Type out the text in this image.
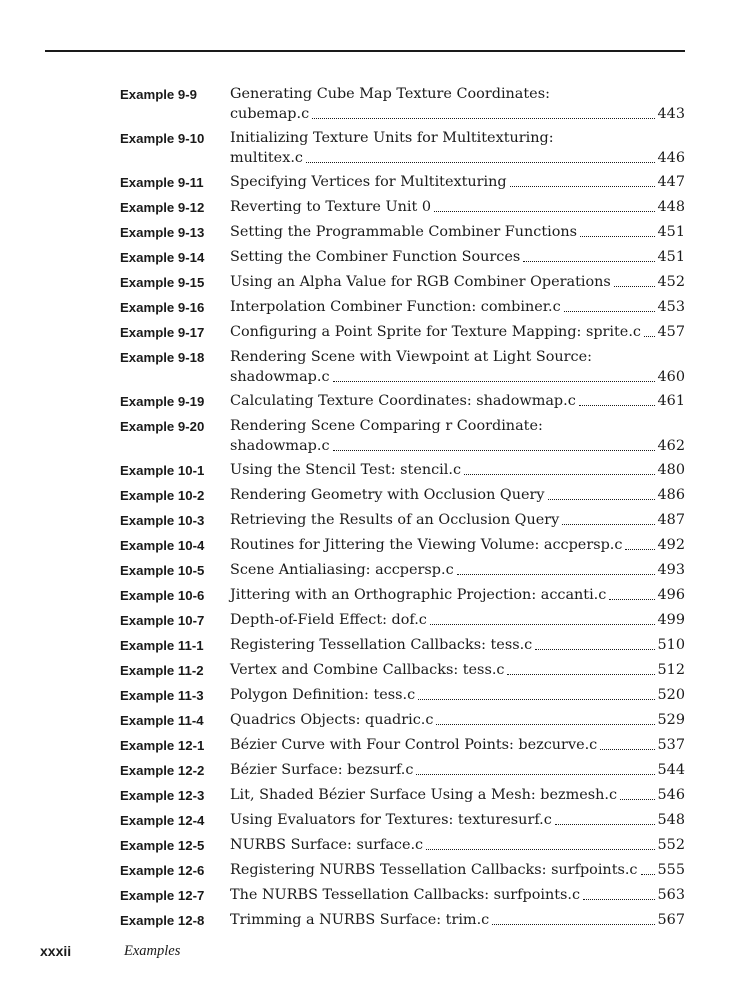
Example 9-9	Generating Cube Map Texture Coordinates:
cubemap.c	443
Example 9-10	Initializing Texture Units for Multitexturing:
multitex.c	446
Example 9-11	Specifying Vertices for Multitexturing	447
Example 9-12	Reverting to Texture Unit 0	448
Example 9-13	Setting the Programmable Combiner Functions	451
Example 9-14	Setting the Combiner Function Sources	451
Example 9-15	Using an Alpha Value for RGB Combiner Operations	452
Example 9-16	Interpolation Combiner Function: combiner.c	453
Example 9-17	Configuring a Point Sprite for Texture Mapping: sprite.c 457
Example 9-18	Rendering Scene with Viewpoint at Light Source:
shadowmap.c	460
Example 9-19	Calculating Texture Coordinates: shadowmap.c	461
Example 9-20	Rendering Scene Comparing r Coordinate:
shadowmap.c	462
Example 10-1	Using the Stencil Test: stencil.c	480
Example 10-2	Rendering Geometry with Occlusion Query	486
Example 10-3	Retrieving the Results of an Occlusion Query	487
Example 10-4	Routines for Jittering the Viewing Volume: accpersp.c 492
Example 10-5	Scene Antialiasing: accpersp.c	493
Example 10-6	Jittering with an Orthographic Projection: accanti.c	496
Example 10-7	Depth-of-Field Effect: dof.c	499
Example 11-1	Registering Tessellation Callbacks: tess.c	510
Example 11-2	Vertex and Combine Callbacks: tess.c	512
Example 11-3	Polygon Definition: tess.c	520
Example 11-4	Quadrics Objects: quadric.c	529
Example 12-1	Bézier Curve with Four Control Points: bezcurve.c	537
Example 12-2	Bézier Surface: bezsurf.c	544
Example 12-3	Lit, Shaded Bézier Surface Using a Mesh: bezmesh.c	546
Example 12-4	Using Evaluators for Textures: texturesurf.c	548
Example 12-5	NURBS Surface: surface.c	552
Example 12-6	Registering NURBS Tessellation Callbacks: surfpoints.c 555
Example 12-7	The NURBS Tessellation Callbacks: surfpoints.c	563
Example 12-8	Trimming a NURBS Surface: trim.c	567
xxxii	Examples
